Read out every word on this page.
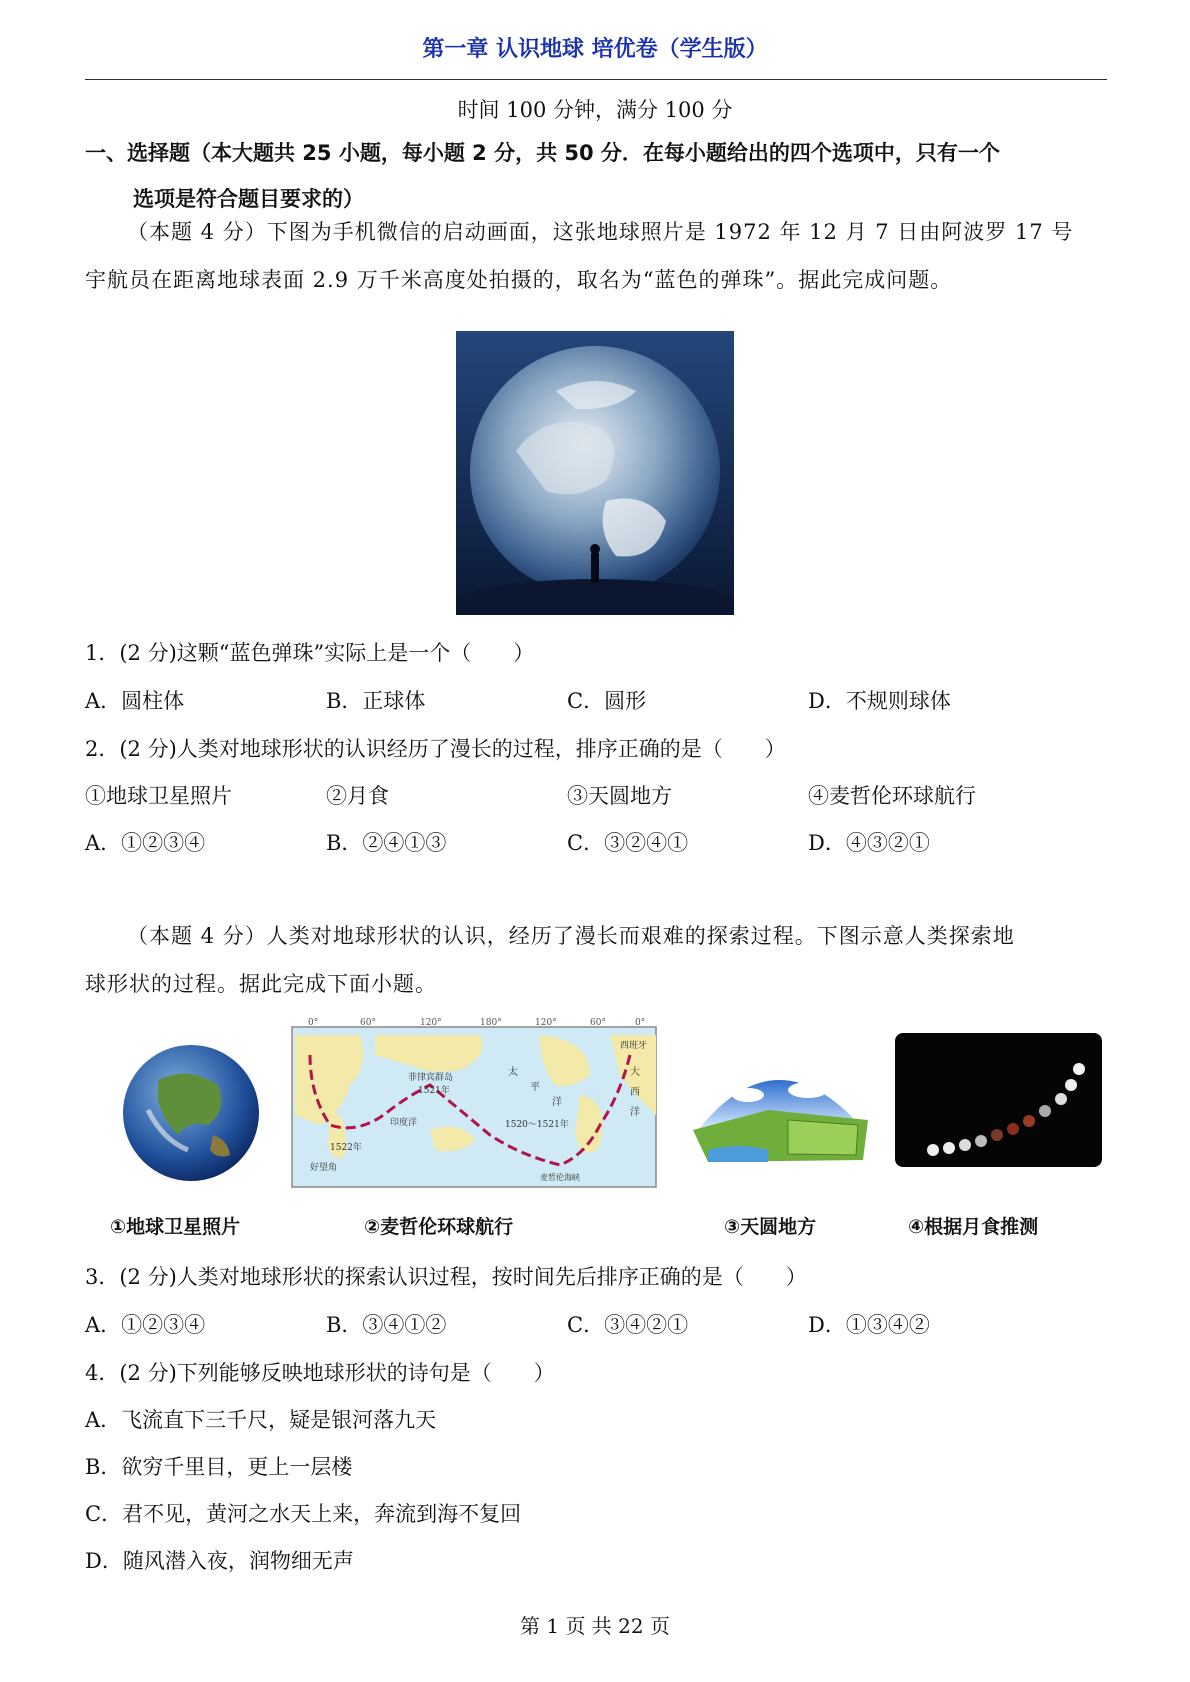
第一章 认识地球 培优卷（学生版）
时间 100 分钟，满分 100 分
一、选择题（本大题共 25 小题，每小题 2 分，共 50 分．在每小题给出的四个选项中，只有一个
选项是符合题目要求的）
（本题 4 分）下图为手机微信的启动画面，这张地球照片是 1972 年 12 月 7 日由阿波罗 17 号
宇航员在距离地球表面 2.9 万千米高度处拍摄的，取名为“蓝色的弹珠”。据此完成问题。
1．(2 分)这颗“蓝色弹珠”实际上是一个（　　）
A．圆柱体	B．正球体	C．圆形	D．不规则球体
2．(2 分)人类对地球形状的认识经历了漫长的过程，排序正确的是（　　）
①地球卫星照片	②月食	③天圆地方	④麦哲伦环球航行
A．①②③④	B．②④①③	C．③②④①	D．④③②①
（本题 4 分）人类对地球形状的认识，经历了漫长而艰难的探索过程。下图示意人类探索地
球形状的过程。据此完成下面小题。
0°	60°	120°	180°	120°	60°	0°
西班牙
菲律宾群岛
1521年
太
平
洋
1520～1521年
印度洋
1522年
大
西
洋
好望角
麦哲伦海峡
①地球卫星照片	②麦哲伦环球航行	③天圆地方	④根据月食推测
3．(2 分)人类对地球形状的探索认识过程，按时间先后排序正确的是（　　）
A．①②③④	B．③④①②	C．③④②①	D．①③④②
4．(2 分)下列能够反映地球形状的诗句是（　　）
A．飞流直下三千尺，疑是银河落九天
B．欲穷千里目，更上一层楼
C．君不见，黄河之水天上来，奔流到海不复回
D．随风潜入夜，润物细无声
第 1 页 共 22 页
